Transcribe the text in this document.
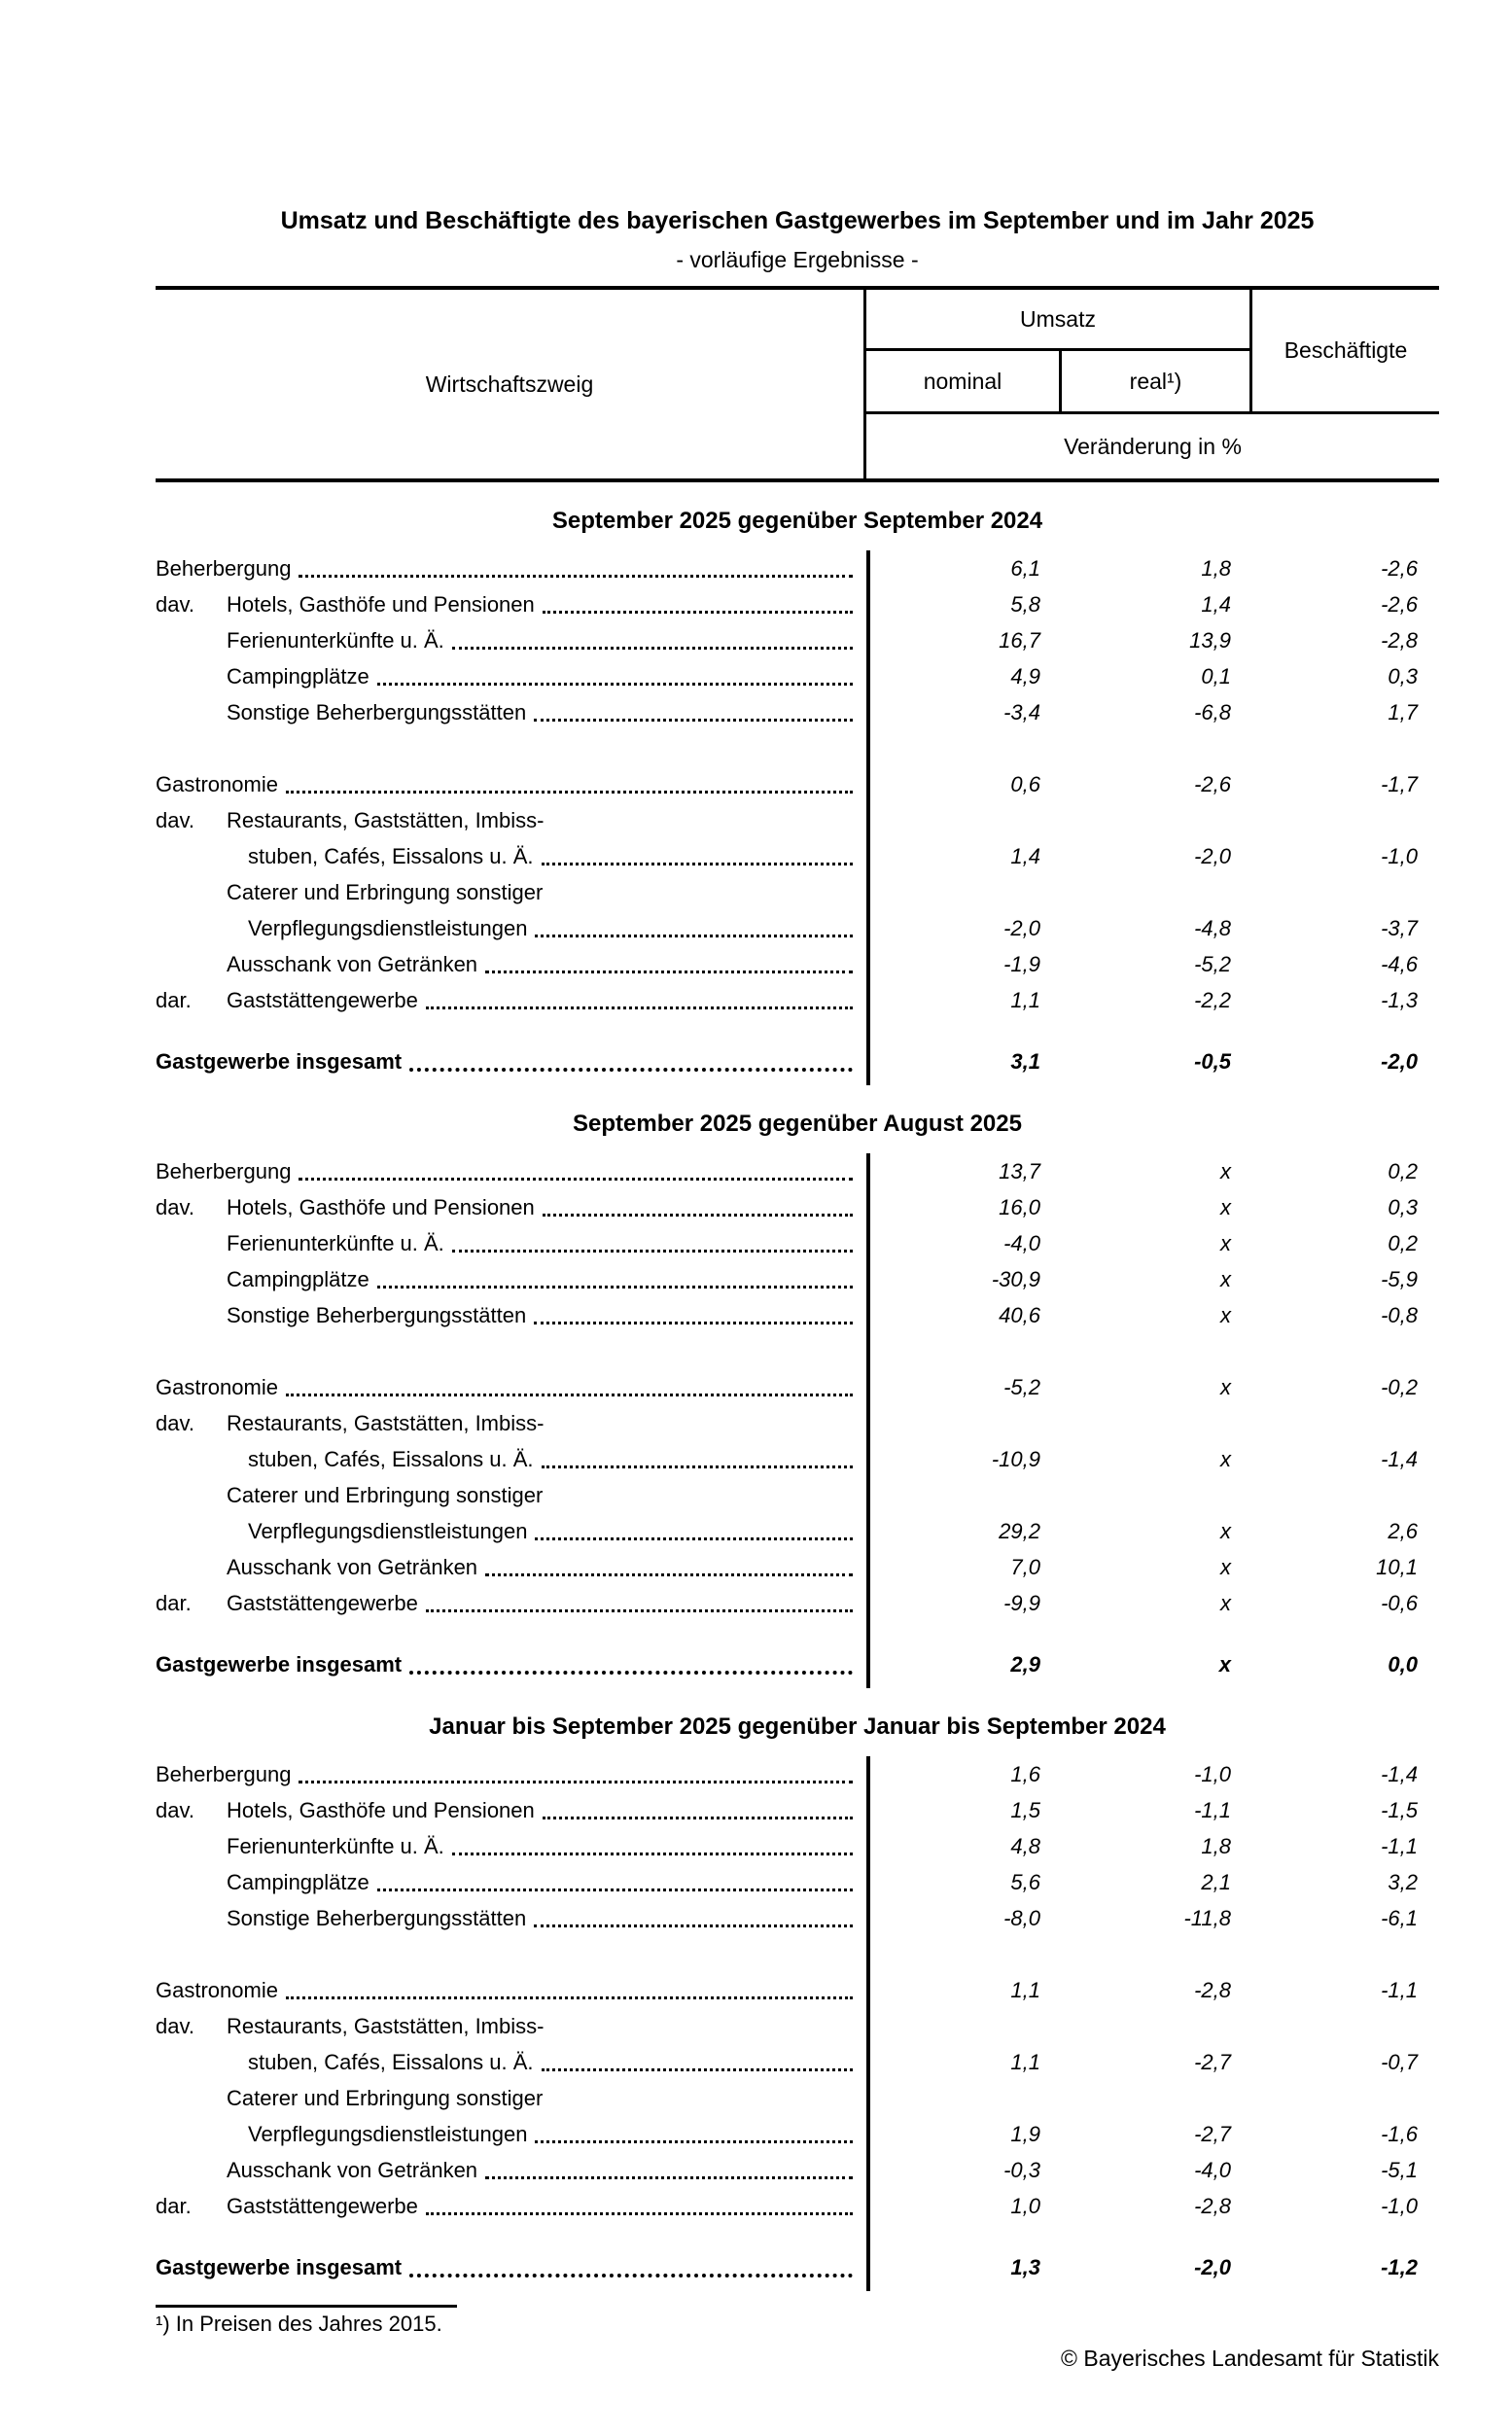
Umsatz und Beschäftigte des bayerischen Gastgewerbes im September und im Jahr 2025
- vorläufige Ergebnisse -
Wirtschaftszweig
Umsatz
Beschäftigte
nominal	real¹)
Veränderung in %
September 2025 gegenüber September 2024
Beherbergung	6,1	1,8	-2,6
dav.	Hotels, Gasthöfe und Pensionen	5,8	1,4	-2,6
Ferienunterkünfte u. Ä.	16,7	13,9	-2,8
Campingplätze	4,9	0,1	0,3
Sonstige Beherbergungsstätten	-3,4	-6,8	1,7
Gastronomie	0,6	-2,6	-1,7
dav.	Restaurants, Gaststätten, Imbiss-
stuben, Cafés, Eissalons u. Ä.	1,4	-2,0	-1,0
Caterer und Erbringung sonstiger
Verpflegungsdienstleistungen	-2,0	-4,8	-3,7
Ausschank von Getränken	-1,9	-5,2	-4,6
dar.	Gaststättengewerbe	1,1	-2,2	-1,3
Gastgewerbe insgesamt	3,1	-0,5	-2,0
September 2025 gegenüber August 2025
Beherbergung	13,7	x	0,2
dav.	Hotels, Gasthöfe und Pensionen	16,0	x	0,3
Ferienunterkünfte u. Ä.	-4,0	x	0,2
Campingplätze	-30,9	x	-5,9
Sonstige Beherbergungsstätten	40,6	x	-0,8
Gastronomie	-5,2	x	-0,2
dav.	Restaurants, Gaststätten, Imbiss-
stuben, Cafés, Eissalons u. Ä.	-10,9	x	-1,4
Caterer und Erbringung sonstiger
Verpflegungsdienstleistungen	29,2	x	2,6
Ausschank von Getränken	7,0	x	10,1
dar.	Gaststättengewerbe	-9,9	x	-0,6
Gastgewerbe insgesamt	2,9	x	0,0
Januar bis September 2025 gegenüber Januar bis September 2024
Beherbergung	1,6	-1,0	-1,4
dav.	Hotels, Gasthöfe und Pensionen	1,5	-1,1	-1,5
Ferienunterkünfte u. Ä.	4,8	1,8	-1,1
Campingplätze	5,6	2,1	3,2
Sonstige Beherbergungsstätten	-8,0	-11,8	-6,1
Gastronomie	1,1	-2,8	-1,1
dav.	Restaurants, Gaststätten, Imbiss-
stuben, Cafés, Eissalons u. Ä.	1,1	-2,7	-0,7
Caterer und Erbringung sonstiger
Verpflegungsdienstleistungen	1,9	-2,7	-1,6
Ausschank von Getränken	-0,3	-4,0	-5,1
dar.	Gaststättengewerbe	1,0	-2,8	-1,0
Gastgewerbe insgesamt	1,3	-2,0	-1,2
¹) In Preisen des Jahres 2015.
© Bayerisches Landesamt für Statistik
